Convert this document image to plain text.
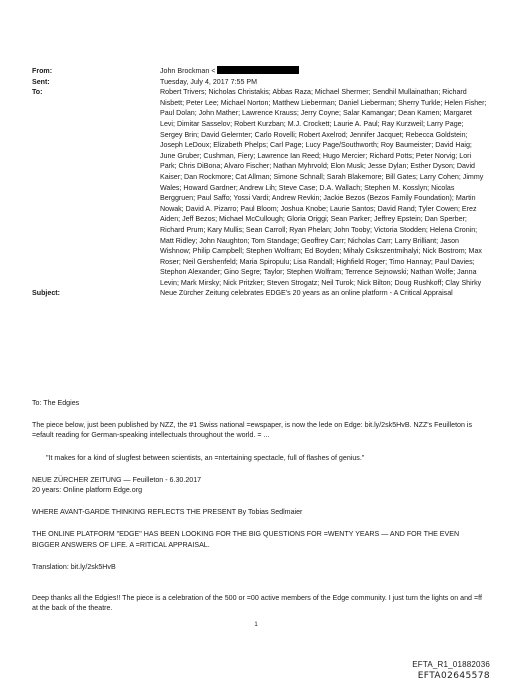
From:	John Brockman <
Sent:	Tuesday, July 4, 2017 7:55 PM
To:	Robert Trivers; Nicholas Christakis; Abbas Raza; Michael Shermer; Sendhil Mullainathan; Richard Nisbett; Peter Lee; Michael Norton; Matthew Lieberman; Daniel Lieberman; Sherry Turkle; Helen Fisher; Paul Dolan; John Mather; Lawrence Krauss; Jerry Coyne; Salar Kamangar; Dean Kamen; Margaret Levi; Dimitar Sasselov; Robert Kurzban; M.J. Crockett; Laurie A. Paul; Ray Kurzweil; Larry Page; Sergey Brin; David Gelernter; Carlo Rovelli; Robert Axelrod; Jennifer Jacquet; Rebecca Goldstein; Joseph LeDoux; Elizabeth Phelps; Carl Page; Lucy Page/Southworth; Roy Baumeister; David Haig; June Gruber; Cushman, Fiery; Lawrence Ian Reed; Hugo Mercier; Richard Potts; Peter Norvig; Lori Park; Chris DiBona; Alvaro Fischer; Nathan Myhrvold; Elon Musk; Jesse Dylan; Esther Dyson; David Kaiser; Dan Rockmore; Cat Allman; Simone Schnall; Sarah Blakemore; Bill Gates; Larry Cohen; Jimmy Wales; Howard Gardner; Andrew Lih; Steve Case; D.A. Wallach; Stephen M. Kosslyn; Nicolas Berggruen; Paul Saffo; Yossi Vardi; Andrew Revkin; Jackie Bezos (Bezos Family Foundation); Martin Nowak; David A. Pizarro; Paul Bloom; Joshua Knobe; Laurie Santos; David Rand; Tyler Cowen; Erez Aiden; Jeff Bezos; Michael McCullough; Gloria Origgi; Sean Parker; Jeffrey Epstein; Dan Sperber; Richard Prum; Kary Mullis; Sean Carroll; Ryan Phelan; John Tooby; Victoria Stodden; Helena Cronin; Matt Ridley; John Naughton; Tom Standage; Geoffrey Carr; Nicholas Carr; Larry Brilliant; Jason Wishnow; Philip Campbell; Stephen Wolfram; Ed Boyden; Mihaly Csikszentmihalyi; Nick Bostrom; Max Roser; Neil Gershenfeld; Maria Spiropulu; Lisa Randall; Highfield Roger; Timo Hannay; Paul Davies; Stephon Alexander; Gino Segre; Taylor; Stephen Wolfram; Terrence Sejnowski; Nathan Wolfe; Janna Levin; Mark Mirsky; Nick Pritzker; Steven Strogatz; Neil Turok; Nick Bilton; Doug Rushkoff; Clay Shirky
Subject:	Neue Zürcher Zeitung celebrates EDGE's 20 years as an online platform - A Critical Appraisal

To: The Edgies

The piece below, just been published by NZZ, the #1 Swiss national =ewspaper, is now the lede on Edge: bit.ly/2sk5HvB. NZZ's Feuilleton is =efault reading for German-speaking intellectuals throughout the world. = ...

"It makes for a kind of slugfest between scientists, an =ntertaining spectacle, full of flashes of genius."

NEUE ZÜRCHER ZEITUNG — Feuilleton - 6.30.2017

20 years: Online platform Edge.org

WHERE AVANT-GARDE THINKING REFLECTS THE PRESENT By Tobias Sedlmaier

THE ONLINE PLATFORM "EDGE" HAS BEEN LOOKING FOR THE BIG QUESTIONS FOR =WENTY YEARS — AND FOR THE EVEN BIGGER ANSWERS OF LIFE. A =RITICAL APPRAISAL.

Translation: bit.ly/2sk5HvB

Deep thanks all the Edgies!! The piece is a celebration of the 500 or =00 active members of the Edge community. I just turn the lights on and =ff at the back of the theatre.

1
EFTA_R1_01882036
EFTA02645578
